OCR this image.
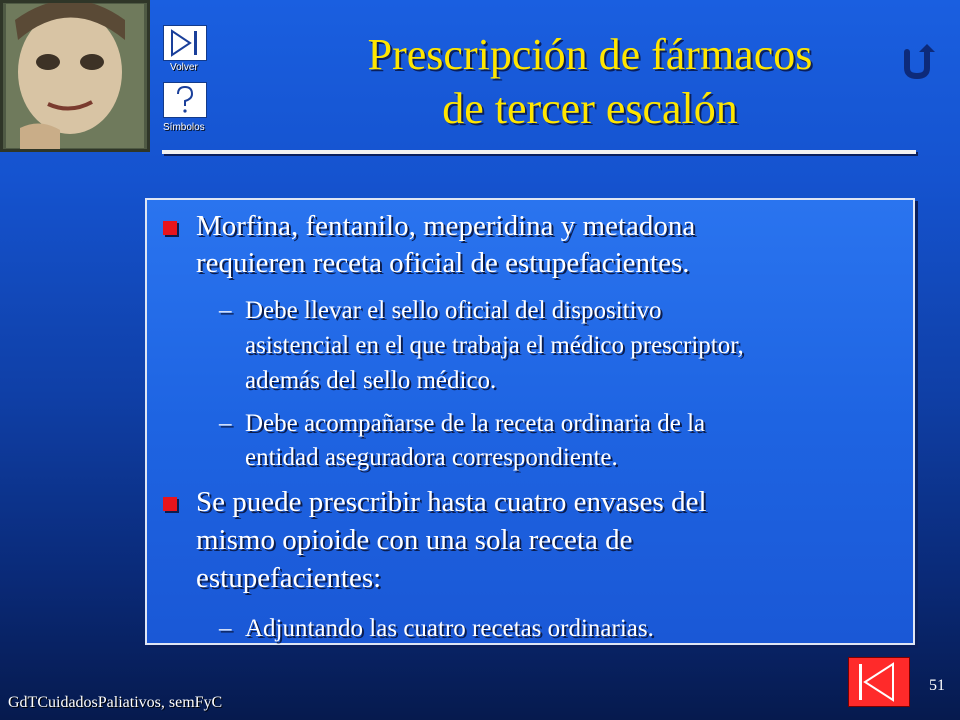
Volver
Símbolos
Prescripción de fármacos
de tercer escalón
Morfina, fentanilo, meperidina y metadona
requieren receta oficial de estupefacientes.
– Debe llevar el sello oficial del dispositivo
asistencial en el que trabaja el médico prescriptor,
además del sello médico.
– Debe acompañarse de la receta ordinaria de la
entidad aseguradora correspondiente.
Se puede prescribir hasta cuatro envases del
mismo opioide con una sola receta de
estupefacientes:
– Adjuntando las cuatro recetas ordinarias.
GdTCuidadosPaliativos, semFyC
51
